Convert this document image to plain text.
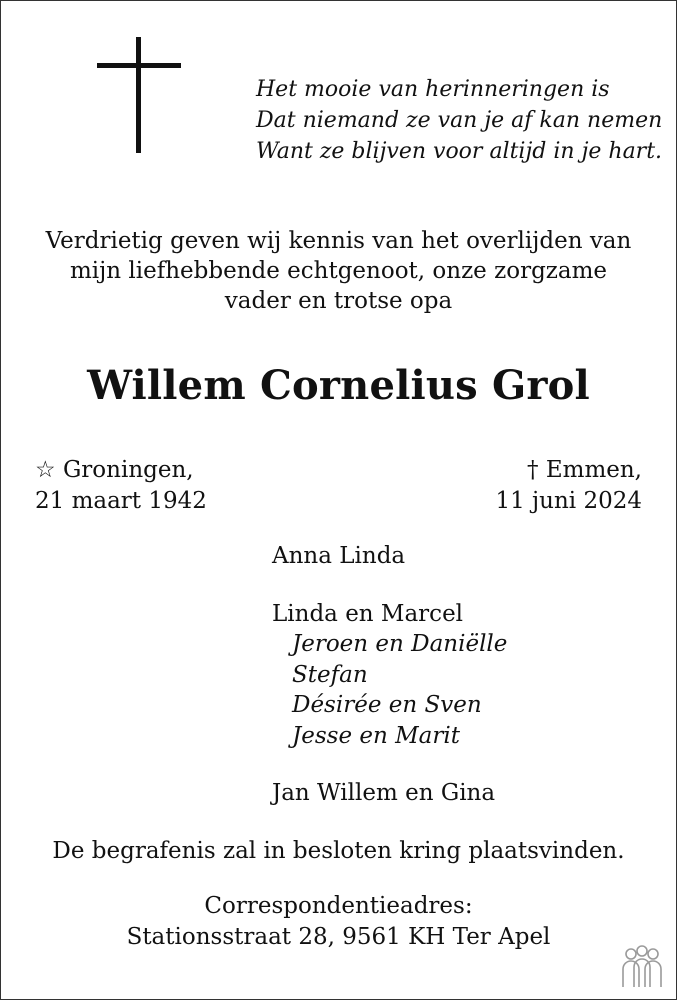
Het mooie van herinneringen is
Dat niemand ze van je af kan nemen
Want ze blijven voor altijd in je hart.
Verdrietig geven wij kennis van het overlijden van
mijn liefhebbende echtgenoot, onze zorgzame
vader en trotse opa
Willem Cornelius Grol
☆ Groningen,
21 maart 1942
† Emmen,
11 juni 2024
Anna Linda
Linda en Marcel
Jeroen en Daniëlle
Stefan
Désirée en Sven
Jesse en Marit
Jan Willem en Gina
De begrafenis zal in besloten kring plaatsvinden.
Correspondentieadres:
Stationsstraat 28, 9561 KH Ter Apel
